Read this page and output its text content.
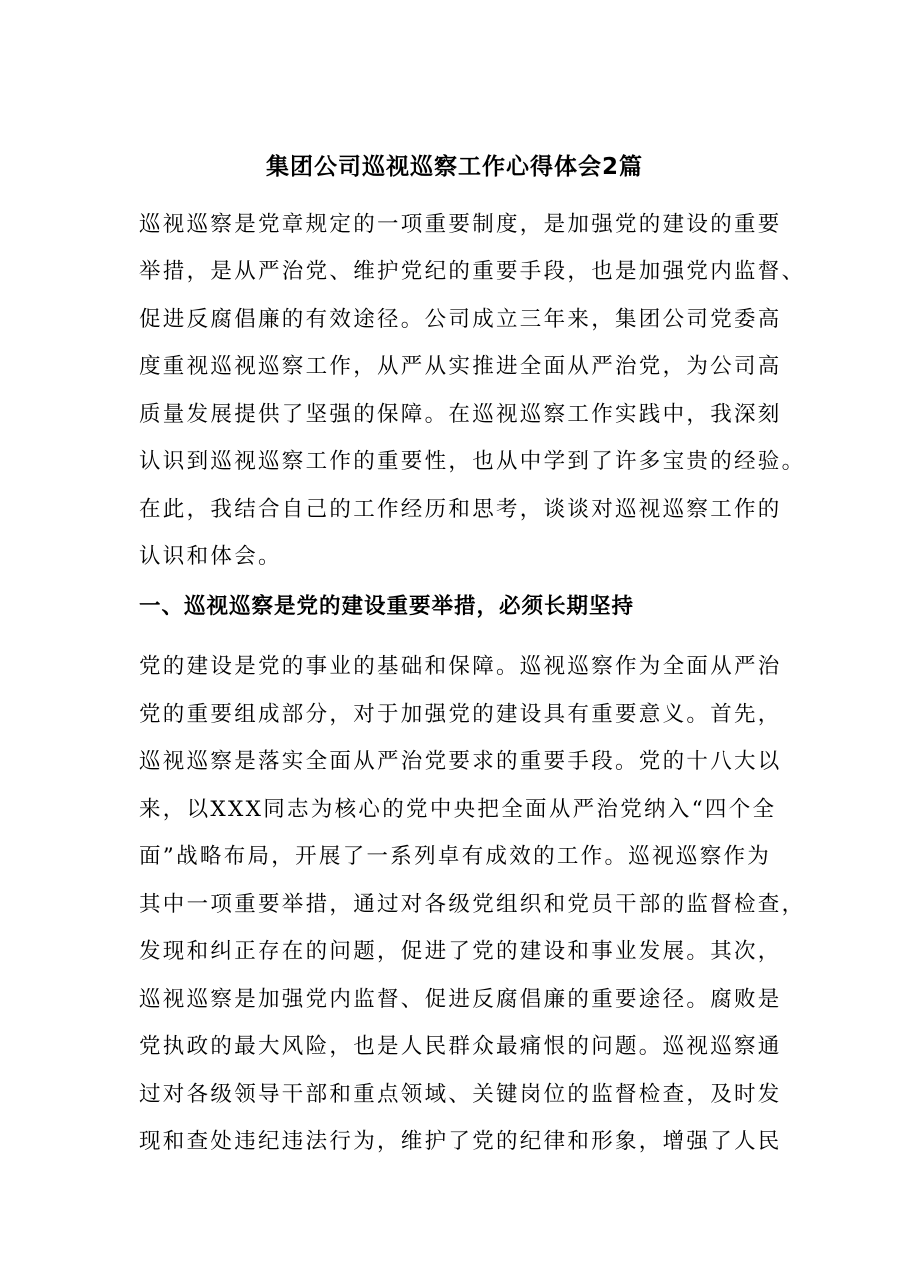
集团公司巡视巡察工作心得体会2篇
巡视巡察是党章规定的一项重要制度，是加强党的建设的重要
举措，是从严治党、维护党纪的重要手段，也是加强党内监督、
促进反腐倡廉的有效途径。公司成立三年来，集团公司党委高
度重视巡视巡察工作，从严从实推进全面从严治党，为公司高
质量发展提供了坚强的保障。在巡视巡察工作实践中，我深刻
认识到巡视巡察工作的重要性，也从中学到了许多宝贵的经验。
在此，我结合自己的工作经历和思考，谈谈对巡视巡察工作的
认识和体会。
一、巡视巡察是党的建设重要举措，必须长期坚持
党的建设是党的事业的基础和保障。巡视巡察作为全面从严治
党的重要组成部分，对于加强党的建设具有重要意义。首先，
巡视巡察是落实全面从严治党要求的重要手段。党的十八大以
来，以XXX同志为核心的党中央把全面从严治党纳入“四个全
面”战略布局，开展了一系列卓有成效的工作。巡视巡察作为
其中一项重要举措，通过对各级党组织和党员干部的监督检查，
发现和纠正存在的问题，促进了党的建设和事业发展。其次，
巡视巡察是加强党内监督、促进反腐倡廉的重要途径。腐败是
党执政的最大风险，也是人民群众最痛恨的问题。巡视巡察通
过对各级领导干部和重点领域、关键岗位的监督检查，及时发
现和查处违纪违法行为，维护了党的纪律和形象，增强了人民
